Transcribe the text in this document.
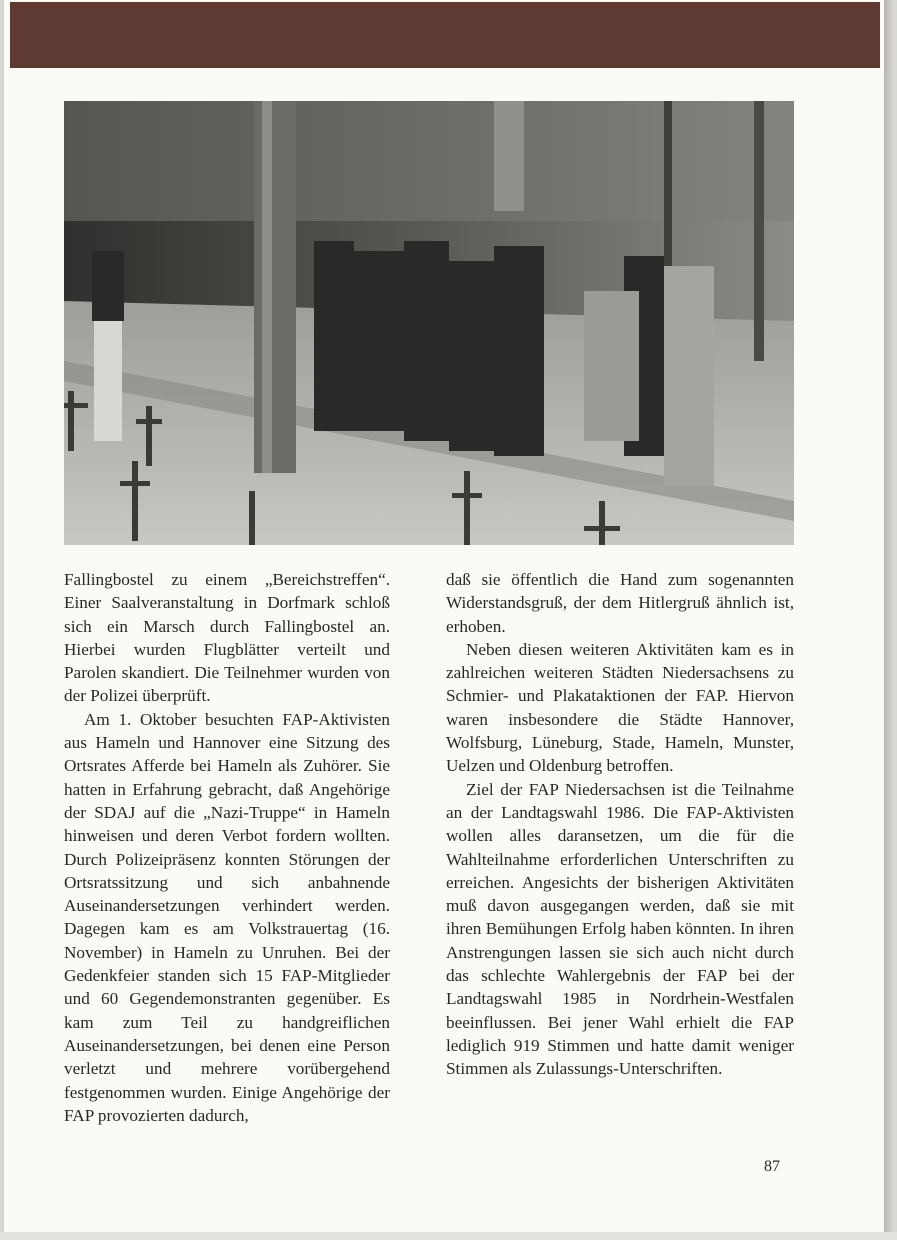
Fallingbostel zu einem „Bereichstreffen“. Einer Saalveranstaltung in Dorfmark schloß sich ein Marsch durch Fallingbostel an. Hierbei wurden Flugblätter verteilt und Parolen skandiert. Die Teilnehmer wurden von der Polizei überprüft.

Am 1. Oktober besuchten FAP-Aktivisten aus Hameln und Hannover eine Sitzung des Ortsrates Afferde bei Hameln als Zuhörer. Sie hatten in Erfahrung gebracht, daß Angehörige der SDAJ auf die „Nazi-Truppe“ in Hameln hinweisen und deren Verbot fordern wollten. Durch Polizeipräsenz konnten Störungen der Ortsratssitzung und sich anbahnende Auseinandersetzungen verhindert werden. Dagegen kam es am Volkstrauertag (16. November) in Hameln zu Unruhen. Bei der Gedenkfeier standen sich 15 FAP-Mitglieder und 60 Gegendemonstranten gegenüber. Es kam zum Teil zu handgreiflichen Auseinandersetzungen, bei denen eine Person verletzt und mehrere vorübergehend festgenommen wurden. Einige Angehörige der FAP provozierten dadurch,

daß sie öffentlich die Hand zum sogenannten Widerstandsgruß, der dem Hitlergruß ähnlich ist, erhoben.

Neben diesen weiteren Aktivitäten kam es in zahlreichen weiteren Städten Niedersachsens zu Schmier- und Plakataktionen der FAP. Hiervon waren insbesondere die Städte Hannover, Wolfsburg, Lüneburg, Stade, Hameln, Munster, Uelzen und Oldenburg betroffen.

Ziel der FAP Niedersachsen ist die Teilnahme an der Landtagswahl 1986. Die FAP-Aktivisten wollen alles daransetzen, um die für die Wahlteilnahme erforderlichen Unterschriften zu erreichen. Angesichts der bisherigen Aktivitäten muß davon ausgegangen werden, daß sie mit ihren Bemühungen Erfolg haben könnten. In ihren Anstrengungen lassen sie sich auch nicht durch das schlechte Wahlergebnis der FAP bei der Landtagswahl 1985 in Nordrhein-Westfalen beeinflussen. Bei jener Wahl erhielt die FAP lediglich 919 Stimmen und hatte damit weniger Stimmen als Zulassungs-Unterschriften.

87
